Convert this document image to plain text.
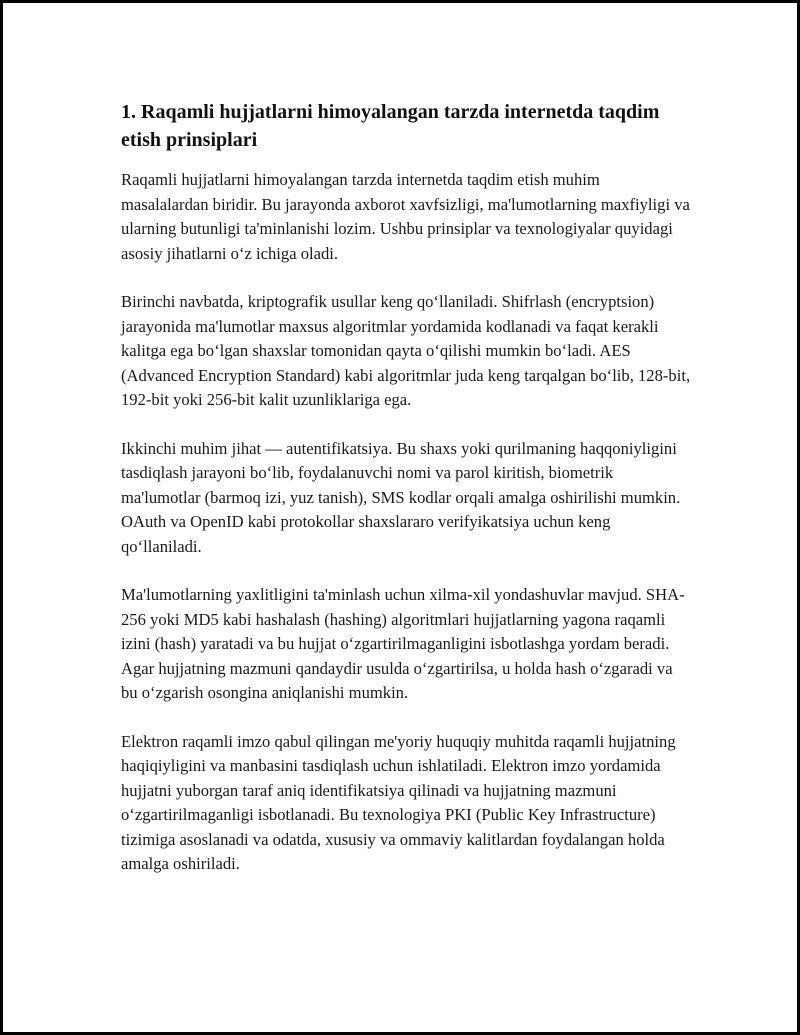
1. Raqamli hujjatlarni himoyalangan tarzda internetda taqdim etish prinsiplari

Raqamli hujjatlarni himoyalangan tarzda internetda taqdim etish muhim masalalardan biridir. Bu jarayonda axborot xavfsizligi, ma'lumotlarning maxfiyligi va ularning butunligi ta'minlanishi lozim. Ushbu prinsiplar va texnologiyalar quyidagi asosiy jihatlarni oʻz ichiga oladi.

Birinchi navbatda, kriptografik usullar keng qoʻllaniladi. Shifrlash (encryptsion) jarayonida ma'lumotlar maxsus algoritmlar yordamida kodlanadi va faqat kerakli kalitga ega boʻlgan shaxslar tomonidan qayta oʻqilishi mumkin boʻladi. AES (Advanced Encryption Standard) kabi algoritmlar juda keng tarqalgan boʻlib, 128-bit, 192-bit yoki 256-bit kalit uzunliklariga ega.

Ikkinchi muhim jihat — autentifikatsiya. Bu shaxs yoki qurilmaning haqqoniyligini tasdiqlash jarayoni boʻlib, foydalanuvchi nomi va parol kiritish, biometrik ma'lumotlar (barmoq izi, yuz tanish), SMS kodlar orqali amalga oshirilishi mumkin. OAuth va OpenID kabi protokollar shaxslararo verifyikatsiya uchun keng qoʻllaniladi.

Ma'lumotlarning yaxlitligini ta'minlash uchun xilma-xil yondashuvlar mavjud. SHA-256 yoki MD5 kabi hashalash (hashing) algoritmlari hujjatlarning yagona raqamli izini (hash) yaratadi va bu hujjat oʻzgartirilmaganligini isbotlashga yordam beradi. Agar hujjatning mazmuni qandaydir usulda oʻzgartirilsa, u holda hash oʻzgaradi va bu oʻzgarish osongina aniqlanishi mumkin.

Elektron raqamli imzo qabul qilingan me'yoriy huquqiy muhitda raqamli hujjatning haqiqiyligini va manbasini tasdiqlash uchun ishlatiladi. Elektron imzo yordamida hujjatni yuborgan taraf aniq identifikatsiya qilinadi va hujjatning mazmuni oʻzgartirilmaganligi isbotlanadi. Bu texnologiya PKI (Public Key Infrastructure) tizimiga asoslanadi va odatda, xususiy va ommaviy kalitlardan foydalangan holda amalga oshiriladi.
